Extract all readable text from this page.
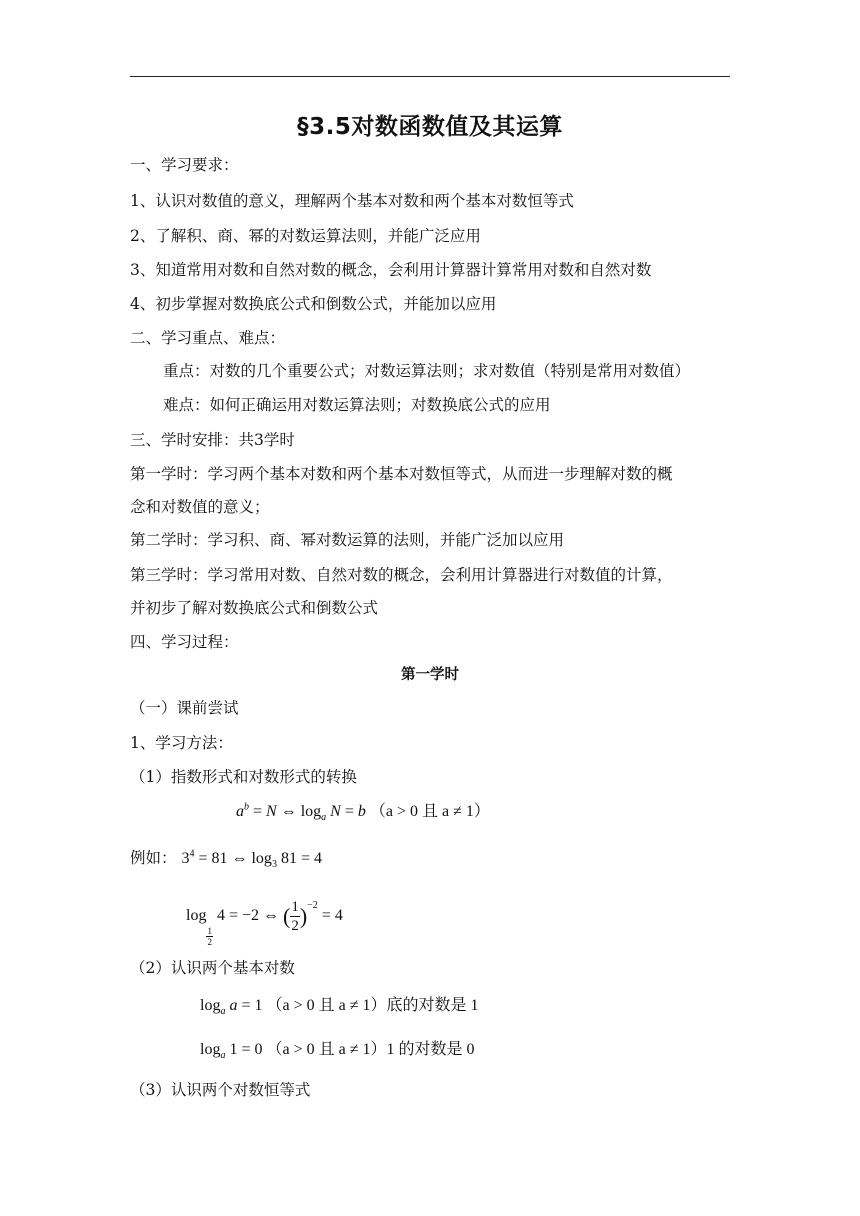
§3.5对数函数值及其运算
一、学习要求：
1、认识对数值的意义，理解两个基本对数和两个基本对数恒等式
2、了解积、商、幂的对数运算法则，并能广泛应用
3、知道常用对数和自然对数的概念，会利用计算器计算常用对数和自然对数
4、初步掌握对数换底公式和倒数公式，并能加以应用
二、学习重点、难点：
重点：对数的几个重要公式；对数运算法则；求对数值（特别是常用对数值）
难点：如何正确运用对数运算法则；对数换底公式的应用
三、学时安排：共3学时
第一学时：学习两个基本对数和两个基本对数恒等式，从而进一步理解对数的概
念和对数值的意义；
第二学时：学习积、商、幂对数运算的法则，并能广泛加以应用
第三学时：学习常用对数、自然对数的概念，会利用计算器进行对数值的计算，
并初步了解对数换底公式和倒数公式
四、学习过程：
第一学时
（一）课前尝试
1、学习方法：
（1）指数形式和对数形式的转换
$a^b = N$ ⇔ $\log_a N = b$ （a > 0 且 a ≠ 1）
例如： $3^4 = 81$ ⇔ $\log_3 81 = 4$
log
$\frac{1}{2}$
4 = −2 ⇔ ( $\frac{1}{2} )^{-2} = 4$
（2）认识两个基本对数
$\log_a a = 1$ （a > 0 且 a ≠ 1）底的对数是 1
$\log_a 1 = 0$ （a > 0 且 a ≠ 1）1 的对数是 0
（3）认识两个对数恒等式
